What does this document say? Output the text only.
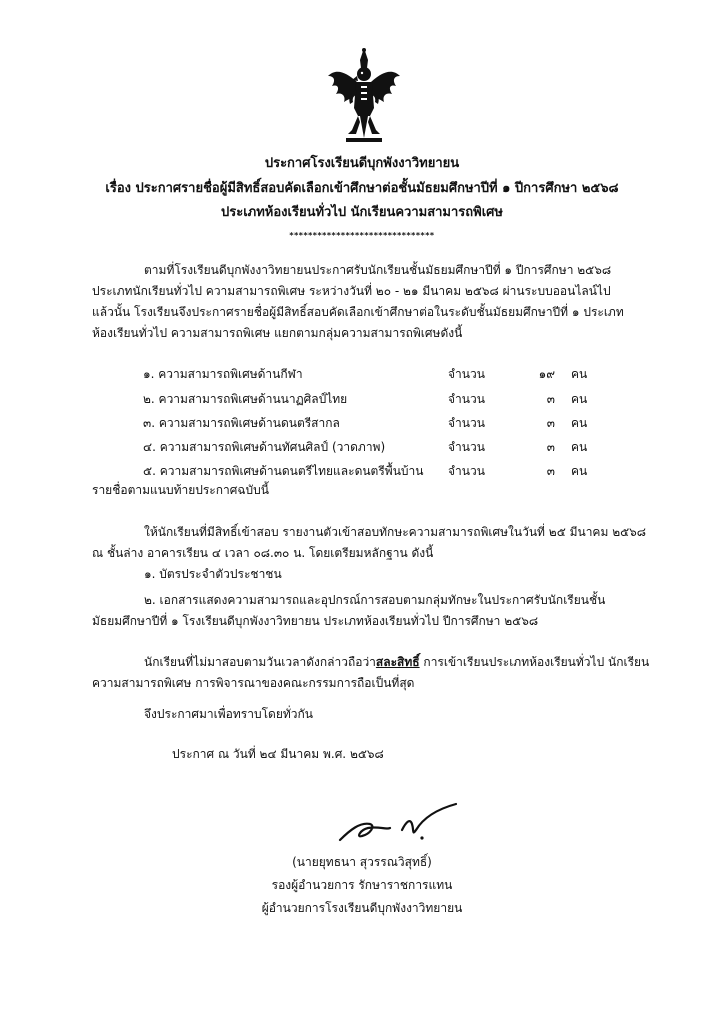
ประกาศโรงเรียนดีบุกพังงาวิทยายน
เรื่อง ประกาศรายชื่อผู้มีสิทธิ์สอบคัดเลือกเข้าศึกษาต่อชั้นมัธยมศึกษาปีที่ ๑ ปีการศึกษา ๒๕๖๘
ประเภทห้องเรียนทั่วไป นักเรียนความสามารถพิเศษ
*******************************
ตามที่โรงเรียนดีบุกพังงาวิทยายนประกาศรับนักเรียนชั้นมัธยมศึกษาปีที่ ๑ ปีการศึกษา ๒๕๖๘
ประเภทนักเรียนทั่วไป ความสามารถพิเศษ ระหว่างวันที่ ๒๐ - ๒๑ มีนาคม ๒๕๖๘ ผ่านระบบออนไลน์ไป
แล้วนั้น โรงเรียนจึงประกาศรายชื่อผู้มีสิทธิ์สอบคัดเลือกเข้าศึกษาต่อในระดับชั้นมัธยมศึกษาปีที่ ๑ ประเภท
ห้องเรียนทั่วไป ความสามารถพิเศษ แยกตามกลุ่มความสามารถพิเศษดังนี้
๑. ความสามารถพิเศษด้านกีฬา	จำนวน	๑๙ คน
๒. ความสามารถพิเศษด้านนาฏศิลป์ไทย	จำนวน	๓ คน
๓. ความสามารถพิเศษด้านดนตรีสากล	จำนวน	๓ คน
๔. ความสามารถพิเศษด้านทัศนศิลป์ (วาดภาพ)	จำนวน	๓ คน
๕. ความสามารถพิเศษด้านดนตรีไทยและดนตรีพื้นบ้าน จำนวน	๓ คน
รายชื่อตามแนบท้ายประกาศฉบับนี้
ให้นักเรียนที่มีสิทธิ์เข้าสอบ รายงานตัวเข้าสอบทักษะความสามารถพิเศษในวันที่ ๒๕ มีนาคม ๒๕๖๘
ณ ชั้นล่าง อาคารเรียน ๔ เวลา ๐๘.๓๐ น. โดยเตรียมหลักฐาน ดังนี้
๑. บัตรประจำตัวประชาชน
๒. เอกสารแสดงความสามารถและอุปกรณ์การสอบตามกลุ่มทักษะในประกาศรับนักเรียนชั้น
มัธยมศึกษาปีที่ ๑ โรงเรียนดีบุกพังงาวิทยายน ประเภทห้องเรียนทั่วไป ปีการศึกษา ๒๕๖๘
นักเรียนที่ไม่มาสอบตามวันเวลาดังกล่าวถือว่าสละสิทธิ์ การเข้าเรียนประเภทห้องเรียนทั่วไป นักเรียน
ความสามารถพิเศษ การพิจารณาของคณะกรรมการถือเป็นที่สุด
จึงประกาศมาเพื่อทราบโดยทั่วกัน
ประกาศ ณ วันที่ ๒๔ มีนาคม พ.ศ. ๒๕๖๘
(นายยุทธนา สุวรรณวิสุทธิ์)
รองผู้อำนวยการ รักษาราชการแทน
ผู้อำนวยการโรงเรียนดีบุกพังงาวิทยายน
